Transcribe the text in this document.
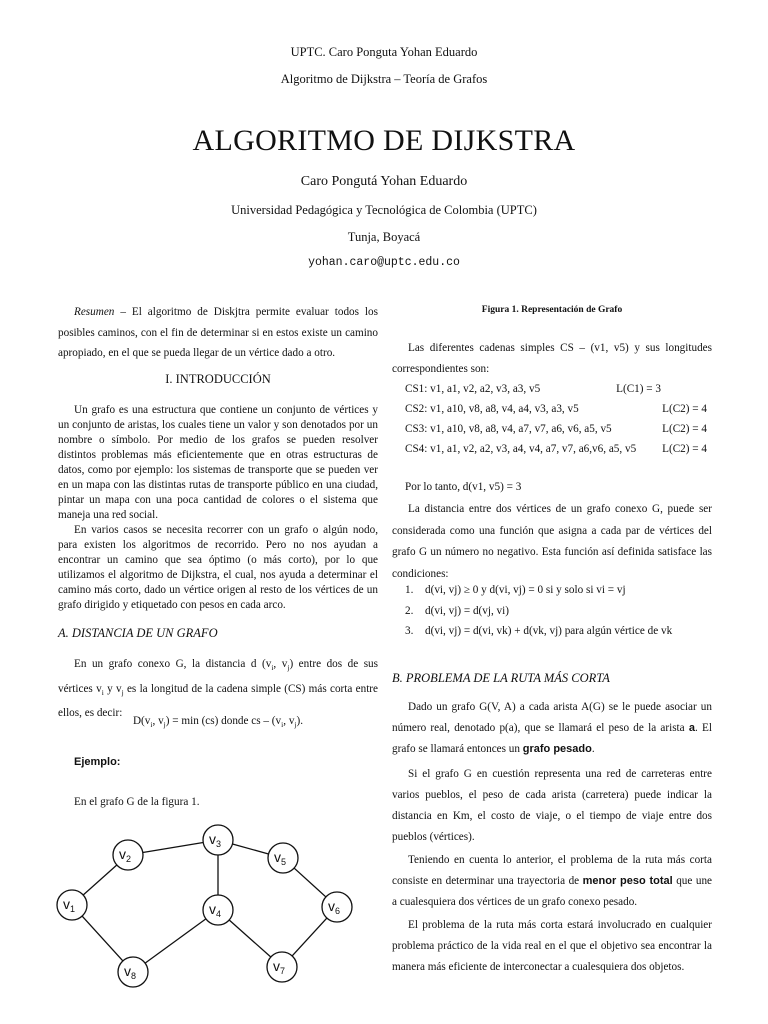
UPTC. Caro Ponguta Yohan Eduardo
Algoritmo de Dijkstra – Teoría de Grafos
ALGORITMO DE DIJKSTRA
Caro Pongutá Yohan Eduardo
Universidad Pedagógica y Tecnológica de Colombia (UPTC)
Tunja, Boyacá
yohan.caro@uptc.edu.co

Resumen – El algoritmo de Diskjtra permite evaluar todos los posibles caminos, con el fin de determinar si en estos existe un camino apropiado, en el que se pueda llegar de un vértice dado a otro.

I. INTRODUCCIÓN

Un grafo es una estructura que contiene un conjunto de vértices y un conjunto de aristas, los cuales tiene un valor y son denotados por un nombre o símbolo. Por medio de los grafos se pueden resolver distintos problemas más eficientemente que en otras estructuras de datos, como por ejemplo: los sistemas de transporte que se pueden ver en un mapa con las distintas rutas de transporte público en una ciudad, pintar un mapa con una poca cantidad de colores o el sistema que maneja una red social.

En varios casos se necesita recorrer con un grafo o algún nodo, para existen los algoritmos de recorrido. Pero no nos ayudan a encontrar un camino que sea óptimo (o más corto), por lo que utilizamos el algoritmo de Dijkstra, el cual, nos ayuda a determinar el camino más corto, dado un vértice origen al resto de los vértices de un grafo dirigido y etiquetado con pesos en cada arco.

A. DISTANCIA DE UN GRAFO

En un grafo conexo G, la distancia d ($v_i$, $v_j$) entre dos de sus vértices $v_i$ y $v_j$ es la longitud de la cadena simple (CS) más corta entre ellos, es decir:

$D(v_i$, $v_j) = \min (cs)$ donde cs – ($v_i$, $v_j$).
Ejemplo:
En el grafo G de la figura 1.
$v_1$
$v_2$
$v_3$
$v_4$
$v_5$
$v_6$
$v_7$
$v_8$
Figura 1. Representación de Grafo

Las diferentes cadenas simples CS – (v1, v5) y sus longitudes correspondientes son:

CS1: v1, a1, v2, a2, v3, a3, v5	L(C1) = 3
CS2: v1, a10, v8, a8, v4, a4, v3, a3, v5	L(C2) = 4
CS3: v1, a10, v8, a8, v4, a7, v7, a6, v6, a5, v5	L(C2) = 4
CS4: v1, a1, v2, a2, v3, a4, v4, a7, v7, a6,v6, a5, v5 L(C2) = 4
Por lo tanto, d(v1, v5) = 3

La distancia entre dos vértices de un grafo conexo G, puede ser considerada como una función que asigna a cada par de vértices del grafo G un número no negativo. Esta función así definida satisface las condiciones:

1.	d(vi, vj) ≥ 0 y d(vi, vj) = 0 si y solo si vi = vj
2.	d(vi, vj) = d(vj, vi)
3.	d(vi, vj) = d(vi, vk) + d(vk, vj) para algún vértice de vk
B. PROBLEMA DE LA RUTA MÁS CORTA

Dado un grafo G(V, A) a cada arista A(G) se le puede asociar un número real, denotado p(a), que se llamará el peso de la arista a. El grafo se llamará entonces un grafo pesado.

Si el grafo G en cuestión representa una red de carreteras entre varios pueblos, el peso de cada arista (carretera) puede indicar la distancia en Km, el costo de viaje, o el tiempo de viaje entre dos pueblos (vértices).

Teniendo en cuenta lo anterior, el problema de la ruta más corta consiste en determinar una trayectoria de menor peso total que une a cualesquiera dos vértices de un grafo conexo pesado.

El problema de la ruta más corta estará involucrado en cualquier problema práctico de la vida real en el que el objetivo sea encontrar la manera más eficiente de interconectar a cualesquiera dos objetos.
